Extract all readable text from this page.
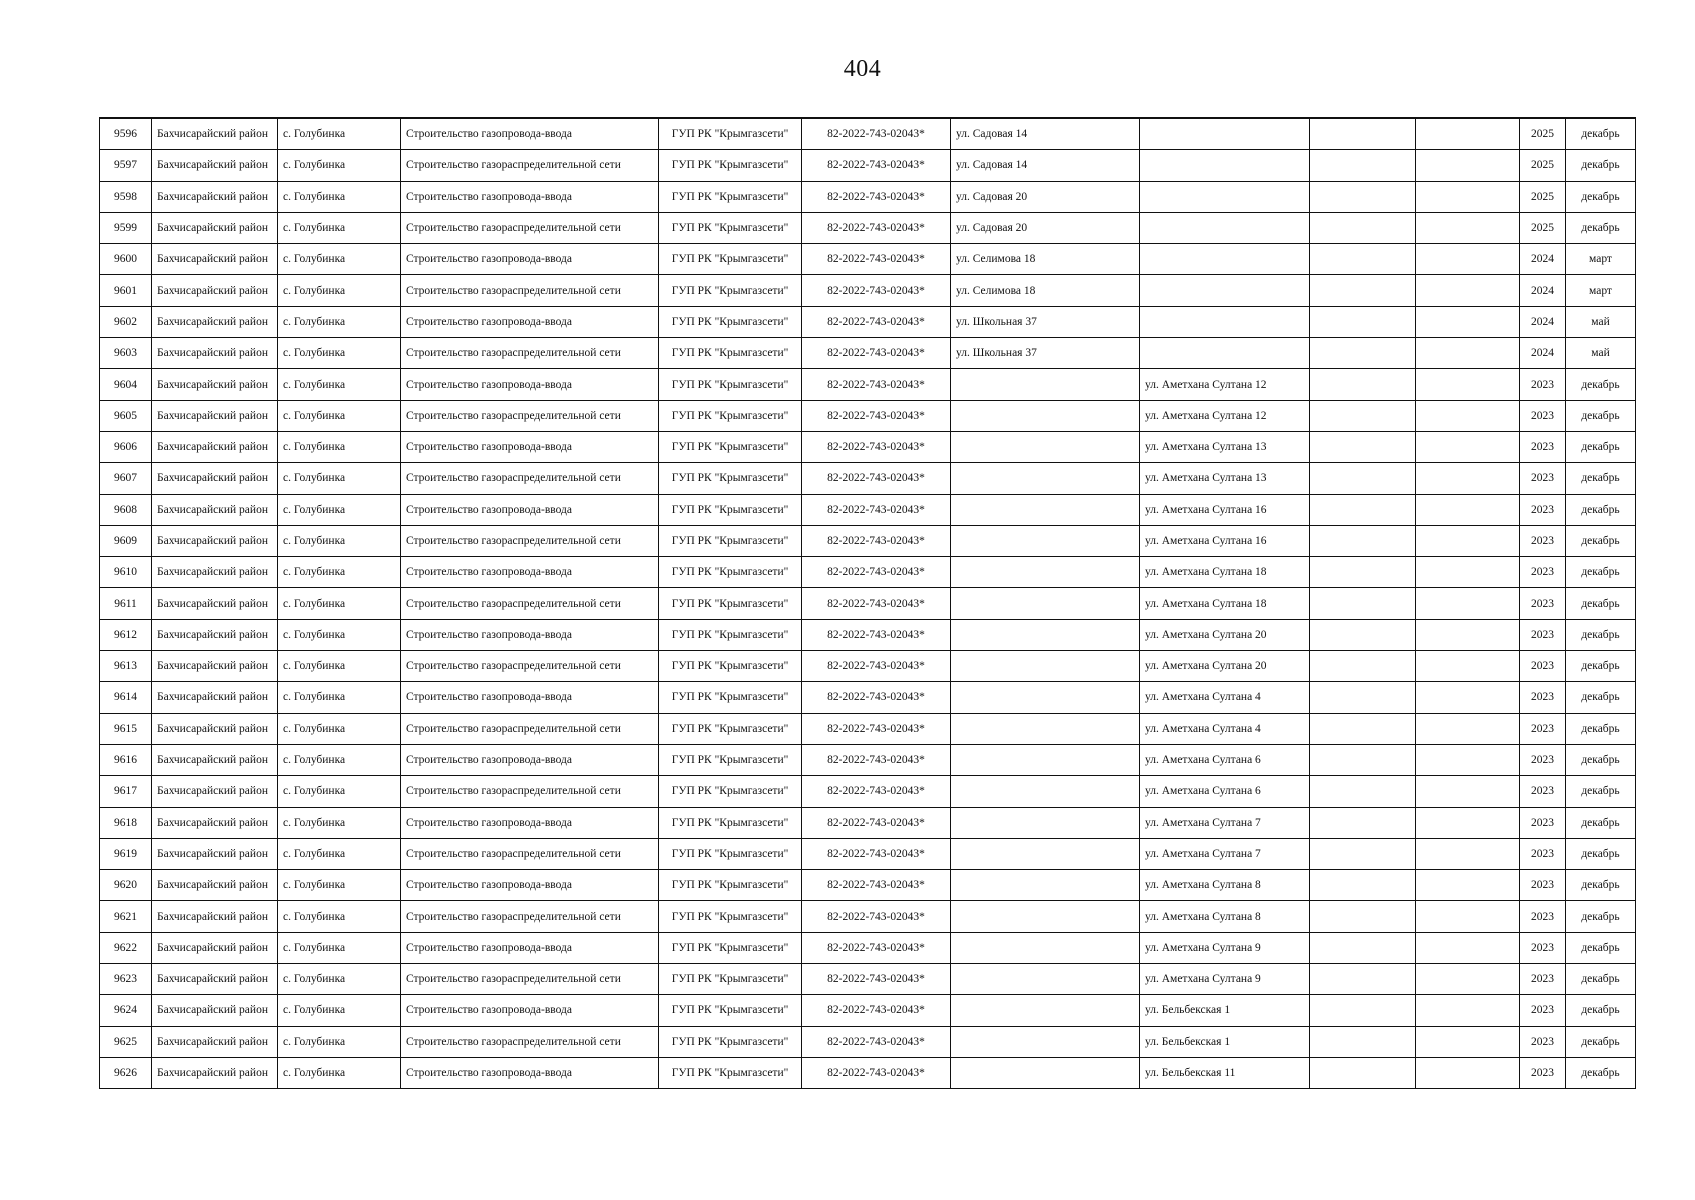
404
9596	Бахчисарайский район	с. Голубинка	Строительство газопровода-ввода	ГУП РК "Крымгазсети"	82-2022-743-02043*	ул. Садовая 14				2025	декабрь
9597	Бахчисарайский район	с. Голубинка	Строительство газораспределительной сети	ГУП РК "Крымгазсети"	82-2022-743-02043*	ул. Садовая 14				2025	декабрь
9598	Бахчисарайский район	с. Голубинка	Строительство газопровода-ввода	ГУП РК "Крымгазсети"	82-2022-743-02043*	ул. Садовая 20				2025	декабрь
9599	Бахчисарайский район	с. Голубинка	Строительство газораспределительной сети	ГУП РК "Крымгазсети"	82-2022-743-02043*	ул. Садовая 20				2025	декабрь
9600	Бахчисарайский район	с. Голубинка	Строительство газопровода-ввода	ГУП РК "Крымгазсети"	82-2022-743-02043*	ул. Селимова 18				2024	март
9601	Бахчисарайский район	с. Голубинка	Строительство газораспределительной сети	ГУП РК "Крымгазсети"	82-2022-743-02043*	ул. Селимова 18				2024	март
9602	Бахчисарайский район	с. Голубинка	Строительство газопровода-ввода	ГУП РК "Крымгазсети"	82-2022-743-02043*	ул. Школьная 37				2024	май
9603	Бахчисарайский район	с. Голубинка	Строительство газораспределительной сети	ГУП РК "Крымгазсети"	82-2022-743-02043*	ул. Школьная 37				2024	май
9604	Бахчисарайский район	с. Голубинка	Строительство газопровода-ввода	ГУП РК "Крымгазсети"	82-2022-743-02043*		ул. Аметхана Султана 12			2023	декабрь
9605	Бахчисарайский район	с. Голубинка	Строительство газораспределительной сети	ГУП РК "Крымгазсети"	82-2022-743-02043*		ул. Аметхана Султана 12			2023	декабрь
9606	Бахчисарайский район	с. Голубинка	Строительство газопровода-ввода	ГУП РК "Крымгазсети"	82-2022-743-02043*		ул. Аметхана Султана 13			2023	декабрь
9607	Бахчисарайский район	с. Голубинка	Строительство газораспределительной сети	ГУП РК "Крымгазсети"	82-2022-743-02043*		ул. Аметхана Султана 13			2023	декабрь
9608	Бахчисарайский район	с. Голубинка	Строительство газопровода-ввода	ГУП РК "Крымгазсети"	82-2022-743-02043*		ул. Аметхана Султана 16			2023	декабрь
9609	Бахчисарайский район	с. Голубинка	Строительство газораспределительной сети	ГУП РК "Крымгазсети"	82-2022-743-02043*		ул. Аметхана Султана 16			2023	декабрь
9610	Бахчисарайский район	с. Голубинка	Строительство газопровода-ввода	ГУП РК "Крымгазсети"	82-2022-743-02043*		ул. Аметхана Султана 18			2023	декабрь
9611	Бахчисарайский район	с. Голубинка	Строительство газораспределительной сети	ГУП РК "Крымгазсети"	82-2022-743-02043*		ул. Аметхана Султана 18			2023	декабрь
9612	Бахчисарайский район	с. Голубинка	Строительство газопровода-ввода	ГУП РК "Крымгазсети"	82-2022-743-02043*		ул. Аметхана Султана 20			2023	декабрь
9613	Бахчисарайский район	с. Голубинка	Строительство газораспределительной сети	ГУП РК "Крымгазсети"	82-2022-743-02043*		ул. Аметхана Султана 20			2023	декабрь
9614	Бахчисарайский район	с. Голубинка	Строительство газопровода-ввода	ГУП РК "Крымгазсети"	82-2022-743-02043*		ул. Аметхана Султана 4			2023	декабрь
9615	Бахчисарайский район	с. Голубинка	Строительство газораспределительной сети	ГУП РК "Крымгазсети"	82-2022-743-02043*		ул. Аметхана Султана 4			2023	декабрь
9616	Бахчисарайский район	с. Голубинка	Строительство газопровода-ввода	ГУП РК "Крымгазсети"	82-2022-743-02043*		ул. Аметхана Султана 6			2023	декабрь
9617	Бахчисарайский район	с. Голубинка	Строительство газораспределительной сети	ГУП РК "Крымгазсети"	82-2022-743-02043*		ул. Аметхана Султана 6			2023	декабрь
9618	Бахчисарайский район	с. Голубинка	Строительство газопровода-ввода	ГУП РК "Крымгазсети"	82-2022-743-02043*		ул. Аметхана Султана 7			2023	декабрь
9619	Бахчисарайский район	с. Голубинка	Строительство газораспределительной сети	ГУП РК "Крымгазсети"	82-2022-743-02043*		ул. Аметхана Султана 7			2023	декабрь
9620	Бахчисарайский район	с. Голубинка	Строительство газопровода-ввода	ГУП РК "Крымгазсети"	82-2022-743-02043*		ул. Аметхана Султана 8			2023	декабрь
9621	Бахчисарайский район	с. Голубинка	Строительство газораспределительной сети	ГУП РК "Крымгазсети"	82-2022-743-02043*		ул. Аметхана Султана 8			2023	декабрь
9622	Бахчисарайский район	с. Голубинка	Строительство газопровода-ввода	ГУП РК "Крымгазсети"	82-2022-743-02043*		ул. Аметхана Султана 9			2023	декабрь
9623	Бахчисарайский район	с. Голубинка	Строительство газораспределительной сети	ГУП РК "Крымгазсети"	82-2022-743-02043*		ул. Аметхана Султана 9			2023	декабрь
9624	Бахчисарайский район	с. Голубинка	Строительство газопровода-ввода	ГУП РК "Крымгазсети"	82-2022-743-02043*		ул. Бельбекская 1			2023	декабрь
9625	Бахчисарайский район	с. Голубинка	Строительство газораспределительной сети	ГУП РК "Крымгазсети"	82-2022-743-02043*		ул. Бельбекская 1			2023	декабрь
9626	Бахчисарайский район	с. Голубинка	Строительство газопровода-ввода	ГУП РК "Крымгазсети"	82-2022-743-02043*		ул. Бельбекская 11			2023	декабрь
